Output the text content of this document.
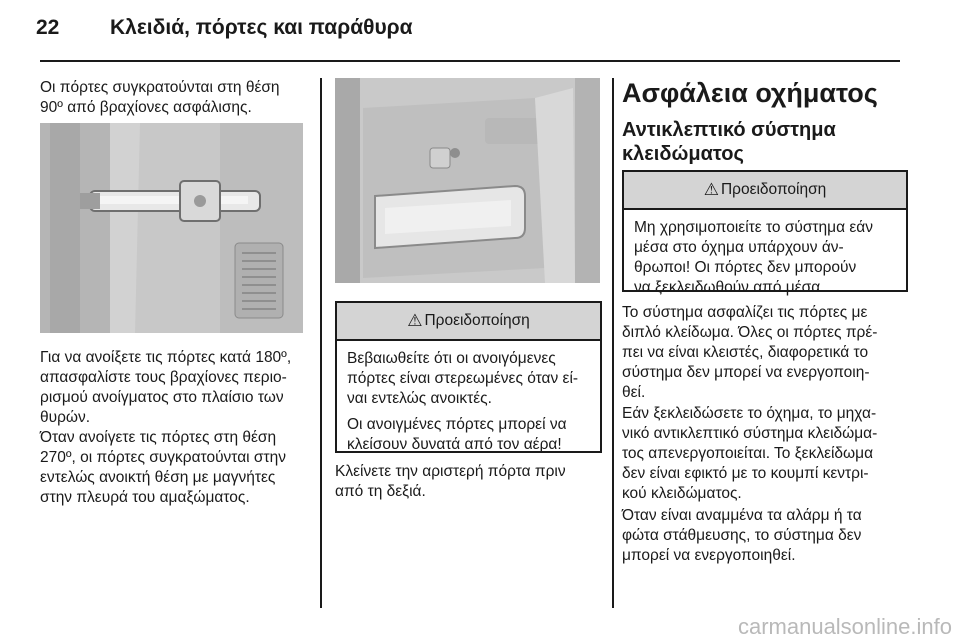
22 Κλειδιά, πόρτες και παράθυρα
Οι πόρτες συγκρατούνται στη θέση
90º από βραχίονες ασφάλισης.
Για να ανοίξετε τις πόρτες κατά 180º,
απασφαλίστε τους βραχίονες περιο-
ρισμού ανοίγματος στο πλαίσιο των
θυρών.
Όταν ανοίγετε τις πόρτες στη θέση
270º, οι πόρτες συγκρατούνται στην
εντελώς ανοικτή θέση με μαγνήτες
στην πλευρά του αμαξώματος.
⚠ Προειδοποίηση
Βεβαιωθείτε ότι οι ανοιγόμενες
πόρτες είναι στερεωμένες όταν εί-
ναι εντελώς ανοικτές.
Οι ανοιγμένες πόρτες μπορεί να
κλείσουν δυνατά από τον αέρα!
Κλείνετε την αριστερή πόρτα πριν
από τη δεξιά.
Ασφάλεια οχήματος
Αντικλεπτικό σύστημα
κλειδώματος
⚠ Προειδοποίηση
Μη χρησιμοποιείτε το σύστημα εάν
μέσα στο όχημα υπάρχουν άν-
θρωποι! Οι πόρτες δεν μπορούν
να ξεκλειδωθούν από μέσα.
Το σύστημα ασφαλίζει τις πόρτες με
διπλό κλείδωμα. Όλες οι πόρτες πρέ-
πει να είναι κλειστές, διαφορετικά το
σύστημα δεν μπορεί να ενεργοποιη-
θεί.
Εάν ξεκλειδώσετε το όχημα, το μηχα-
νικό αντικλεπτικό σύστημα κλειδώμα-
τος απενεργοποιείται. Το ξεκλείδωμα
δεν είναι εφικτό με το κουμπί κεντρι-
κού κλειδώματος.
Όταν είναι αναμμένα τα αλάρμ ή τα
φώτα στάθμευσης, το σύστημα δεν
μπορεί να ενεργοποιηθεί.
carmanualsonline.info
